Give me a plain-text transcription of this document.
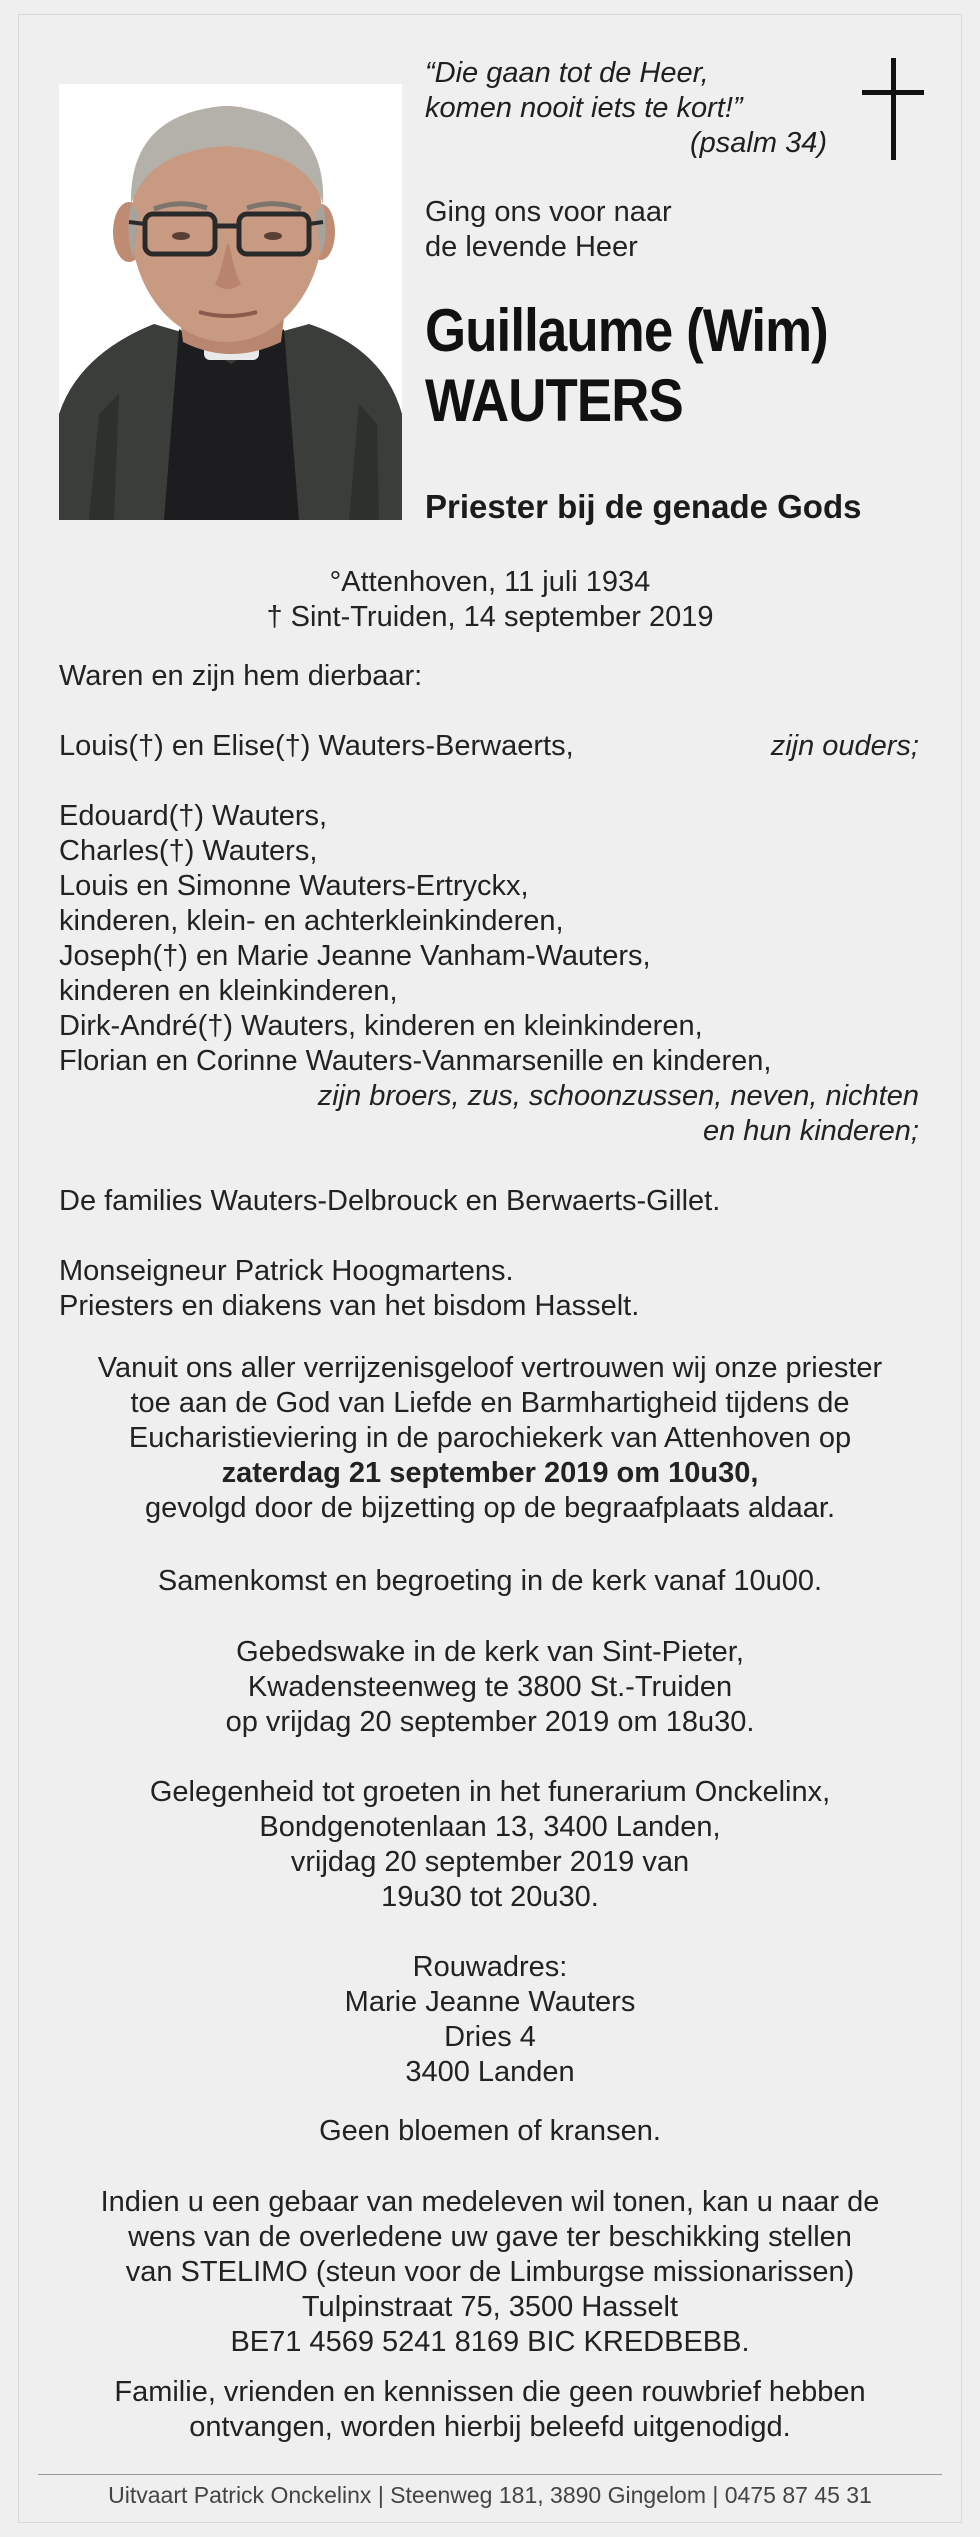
“Die gaan tot de Heer,
komen nooit iets te kort!”
(psalm 34)
Ging ons voor naar
de levende Heer
Guillaume (Wim)
WAUTERS
Priester bij de genade Gods
°Attenhoven, 11 juli 1934
† Sint-Truiden, 14 september 2019
Waren en zijn hem dierbaar:
Louis(†) en Elise(†) Wauters-Berwaerts,	zijn ouders;
Edouard(†) Wauters,
Charles(†) Wauters,
Louis en Simonne Wauters-Ertryckx,
kinderen, klein- en achterkleinkinderen,
Joseph(†) en Marie Jeanne Vanham-Wauters,
kinderen en kleinkinderen,
Dirk-André(†) Wauters, kinderen en kleinkinderen,
Florian en Corinne Wauters-Vanmarsenille en kinderen,
zijn broers, zus, schoonzussen, neven, nichten
en hun kinderen;
De families Wauters-Delbrouck en Berwaerts-Gillet.
Monseigneur Patrick Hoogmartens.
Priesters en diakens van het bisdom Hasselt.

Vanuit ons aller verrijzenisgeloof vertrouwen wij onze priester

toe aan de God van Liefde en Barmhartigheid tijdens de

Eucharistieviering in de parochiekerk van Attenhoven op

zaterdag 21 september 2019 om 10u30,

gevolgd door de bijzetting op de begraafplaats aldaar.

Samenkomst en begroeting in de kerk vanaf 10u00.

Gebedswake in de kerk van Sint-Pieter,

Kwadensteenweg te 3800 St.-Truiden

op vrijdag 20 september 2019 om 18u30.

Gelegenheid tot groeten in het funerarium Onckelinx,

Bondgenotenlaan 13, 3400 Landen,

vrijdag 20 september 2019 van

19u30 tot 20u30.

Rouwadres:

Marie Jeanne Wauters

Dries 4

3400 Landen

Geen bloemen of kransen.

Indien u een gebaar van medeleven wil tonen, kan u naar de

wens van de overledene uw gave ter beschikking stellen

van STELIMO (steun voor de Limburgse missionarissen)

Tulpinstraat 75, 3500 Hasselt

BE71 4569 5241 8169 BIC KREDBEBB.

Familie, vrienden en kennissen die geen rouwbrief hebben

ontvangen, worden hierbij beleefd uitgenodigd.

Uitvaart Patrick Onckelinx | Steenweg 181, 3890 Gingelom | 0475 87 45 31
